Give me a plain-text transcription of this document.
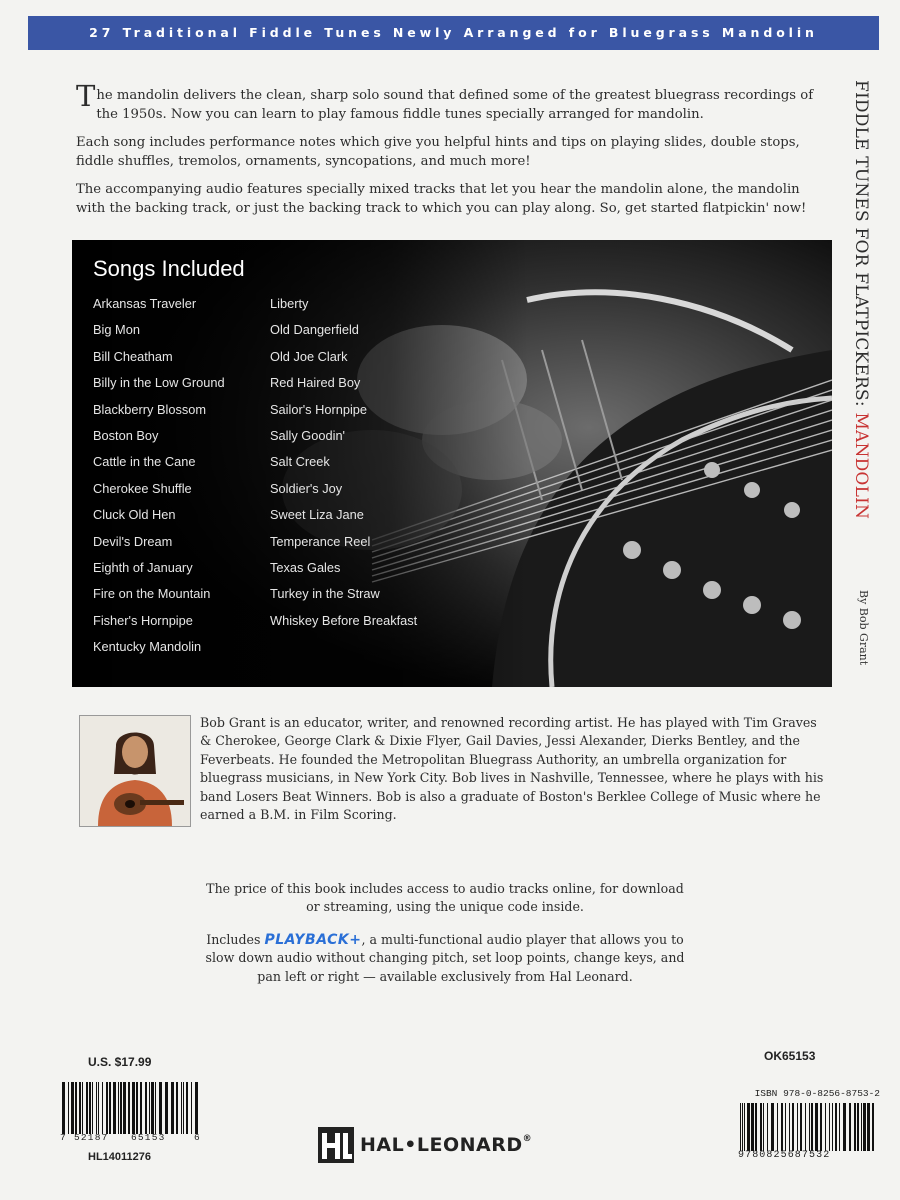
27 Traditional Fiddle Tunes Newly Arranged for Bluegrass Mandolin
FIDDLE TUNES FOR FLATPICKERS: MANDOLIN
By Bob Grant

The mandolin delivers the clean, sharp solo sound that defined some of the greatest bluegrass recordings of the 1950s. Now you can learn to play famous fiddle tunes specially arranged for mandolin.

Each song includes performance notes which give you helpful hints and tips on playing slides, double stops, fiddle shuffles, tremolos, ornaments, syncopations, and much more!

The accompanying audio features specially mixed tracks that let you hear the mandolin alone, the mandolin with the backing track, or just the backing track to which you can play along. So, get started flatpickin' now!

Songs Included
Arkansas Traveler
Big Mon
Bill Cheatham
Billy in the Low Ground
Blackberry Blossom
Boston Boy
Cattle in the Cane
Cherokee Shuffle
Cluck Old Hen
Devil's Dream
Eighth of January
Fire on the Mountain
Fisher's Hornpipe
Kentucky Mandolin
Liberty
Old Dangerfield
Old Joe Clark
Red Haired Boy
Sailor's Hornpipe
Sally Goodin'
Salt Creek
Soldier's Joy
Sweet Liza Jane
Temperance Reel
Texas Gales
Turkey in the Straw
Whiskey Before Breakfast
Bob Grant is an educator, writer, and renowned recording artist. He has played with Tim Graves & Cherokee, George Clark & Dixie Flyer, Gail Davies, Jessi Alexander, Dierks Bentley, and the Feverbeats. He founded the Metropolitan Bluegrass Authority, an umbrella organization for bluegrass musicians, in New York City. Bob lives in Nashville, Tennessee, where he plays with his band Losers Beat Winners. Bob is also a graduate of Boston's Berklee College of Music where he earned a B.M. in Film Scoring.

The price of this book includes access to audio tracks online, for download or streaming, using the unique code inside.

Includes PLAYBACK+, a multi-functional audio player that allows you to slow down audio without changing pitch, set loop points, change keys, and pan left or right — available exclusively from Hal Leonard.

U.S. $17.99	OK65153
7 52187 65153	6
HL14011276
HAL•LEONARD®
ISBN 978-0-8256-8753-2
9780825687532
